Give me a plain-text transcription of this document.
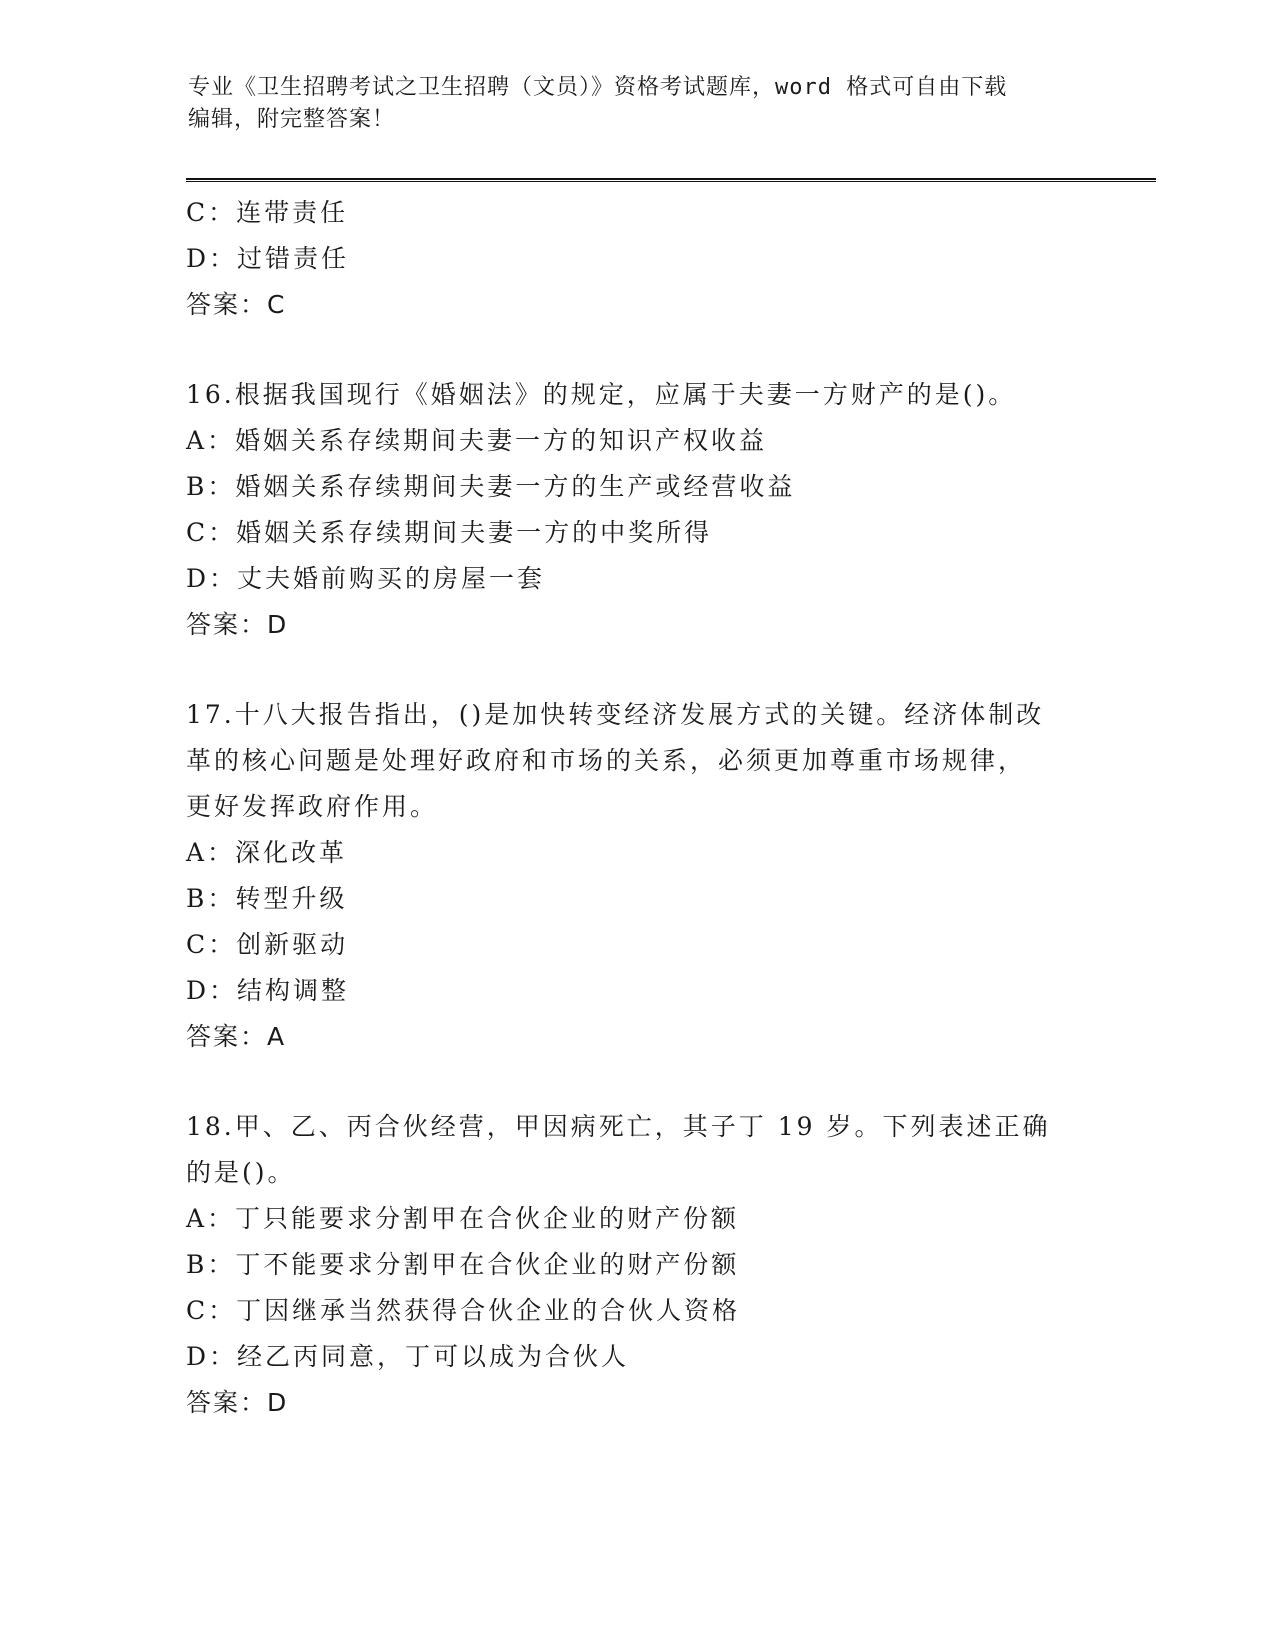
专业《卫生招聘考试之卫生招聘（文员）》资格考试题库，word 格式可自由下载
编辑，附完整答案！
C：连带责任
D：过错责任
答案：C
16.根据我国现行《婚姻法》的规定，应属于夫妻一方财产的是()。
A：婚姻关系存续期间夫妻一方的知识产权收益
B：婚姻关系存续期间夫妻一方的生产或经营收益
C：婚姻关系存续期间夫妻一方的中奖所得
D：丈夫婚前购买的房屋一套
答案：D
17.十八大报告指出，()是加快转变经济发展方式的关键。经济体制改
革的核心问题是处理好政府和市场的关系，必须更加尊重市场规律，
更好发挥政府作用。
A：深化改革
B：转型升级
C：创新驱动
D：结构调整
答案：A
18.甲、乙、丙合伙经营，甲因病死亡，其子丁 19 岁。下列表述正确
的是()。
A：丁只能要求分割甲在合伙企业的财产份额
B：丁不能要求分割甲在合伙企业的财产份额
C：丁因继承当然获得合伙企业的合伙人资格
D：经乙丙同意，丁可以成为合伙人
答案：D
